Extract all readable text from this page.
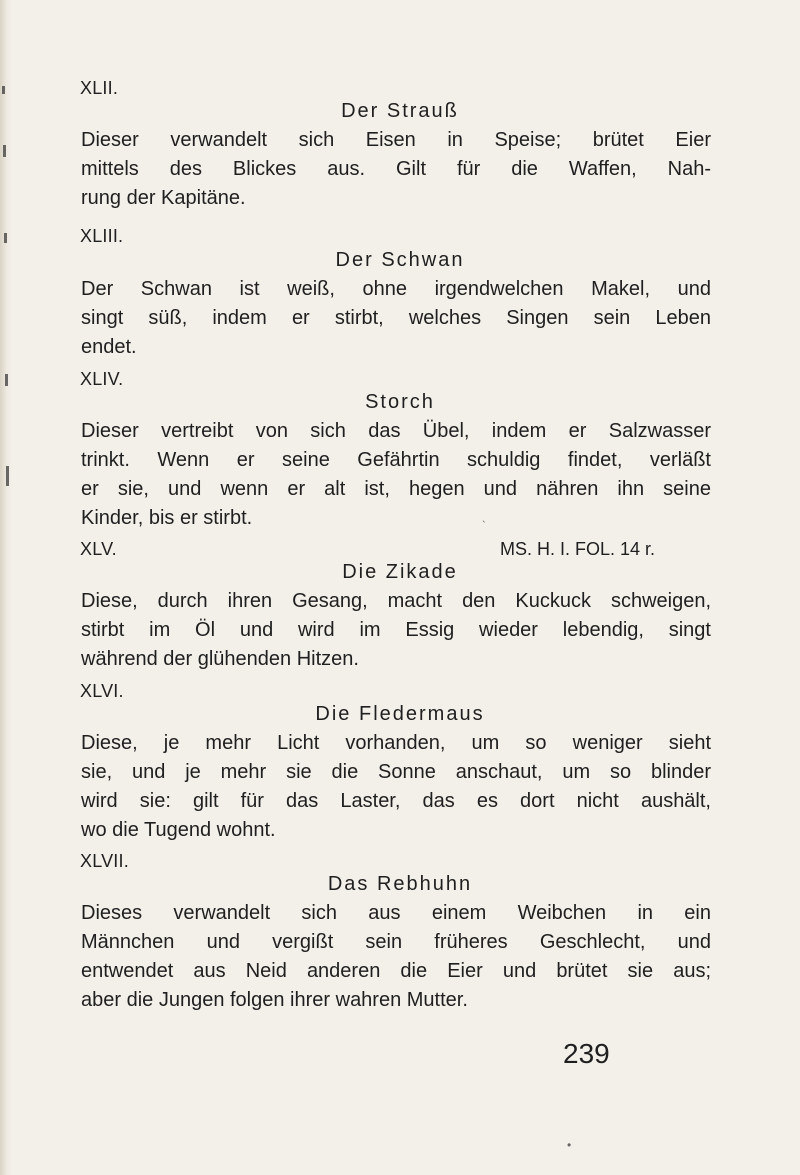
XLII.
Der Strauß
Dieser verwandelt sich Eisen in Speise; brütet Eier
mittels des Blickes aus. Gilt für die Waffen, Nah-
rung der Kapitäne.
XLIII.
Der Schwan
Der Schwan ist weiß, ohne irgendwelchen Makel, und
singt süß, indem er stirbt, welches Singen sein Leben
endet.
XLIV.
Storch
Dieser vertreibt von sich das Übel, indem er Salzwasser
trinkt. Wenn er seine Gefährtin schuldig findet, verläßt
er sie, und wenn er alt ist, hegen und nähren ihn seine
Kinder, bis er stirbt.
XLV.	MS. H. I. FOL. 14 r.
Die Zikade
Diese, durch ihren Gesang, macht den Kuckuck schweigen,
stirbt im Öl und wird im Essig wieder lebendig, singt
während der glühenden Hitzen.
XLVI.
Die Fledermaus
Diese, je mehr Licht vorhanden, um so weniger sieht
sie, und je mehr sie die Sonne anschaut, um so blinder
wird sie: gilt für das Laster, das es dort nicht aushält,
wo die Tugend wohnt.
XLVII.
Das Rebhuhn
Dieses verwandelt sich aus einem Weibchen in ein
Männchen und vergißt sein früheres Geschlecht, und
entwendet aus Neid anderen die Eier und brütet sie aus;
aber die Jungen folgen ihrer wahren Mutter.
239
ˎ
•
